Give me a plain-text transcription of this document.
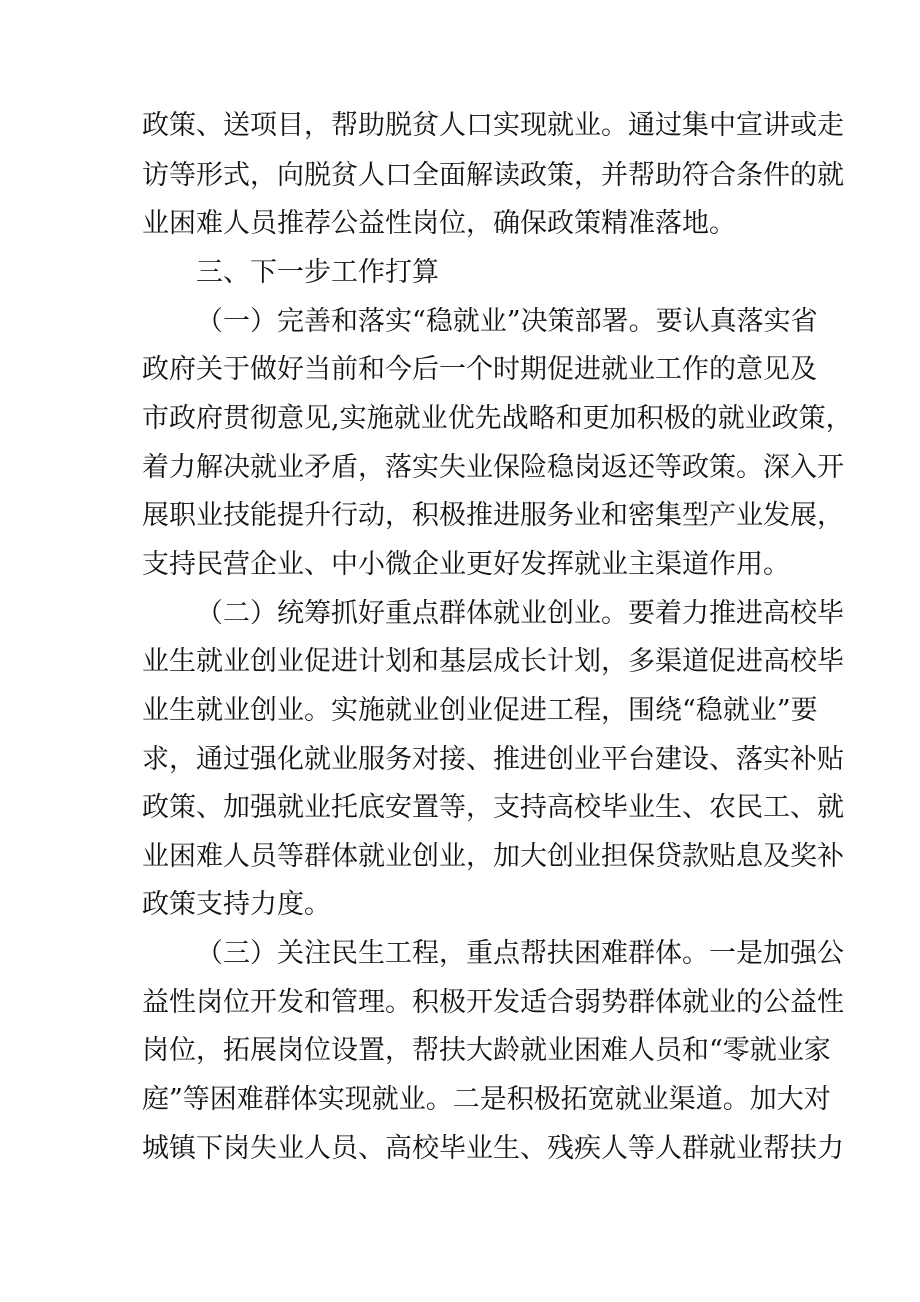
政策、送项目，帮助脱贫人口实现就业。通过集中宣讲或走
访等形式，向脱贫人口全面解读政策，并帮助符合条件的就
业困难人员推荐公益性岗位，确保政策精准落地。
三、下一步工作打算
（一）完善和落实“稳就业”决策部署。要认真落实省
政府关于做好当前和今后一个时期促进就业工作的意见及
市政府贯彻意见,实施就业优先战略和更加积极的就业政策，
着力解决就业矛盾，落实失业保险稳岗返还等政策。深入开
展职业技能提升行动，积极推进服务业和密集型产业发展，
支持民营企业、中小微企业更好发挥就业主渠道作用。
（二）统筹抓好重点群体就业创业。要着力推进高校毕
业生就业创业促进计划和基层成长计划，多渠道促进高校毕
业生就业创业。实施就业创业促进工程，围绕“稳就业”要
求，通过强化就业服务对接、推进创业平台建设、落实补贴
政策、加强就业托底安置等，支持高校毕业生、农民工、就
业困难人员等群体就业创业，加大创业担保贷款贴息及奖补
政策支持力度。
（三）关注民生工程，重点帮扶困难群体。一是加强公
益性岗位开发和管理。积极开发适合弱势群体就业的公益性
岗位，拓展岗位设置，帮扶大龄就业困难人员和“零就业家
庭”等困难群体实现就业。二是积极拓宽就业渠道。加大对
城镇下岗失业人员、高校毕业生、残疾人等人群就业帮扶力
